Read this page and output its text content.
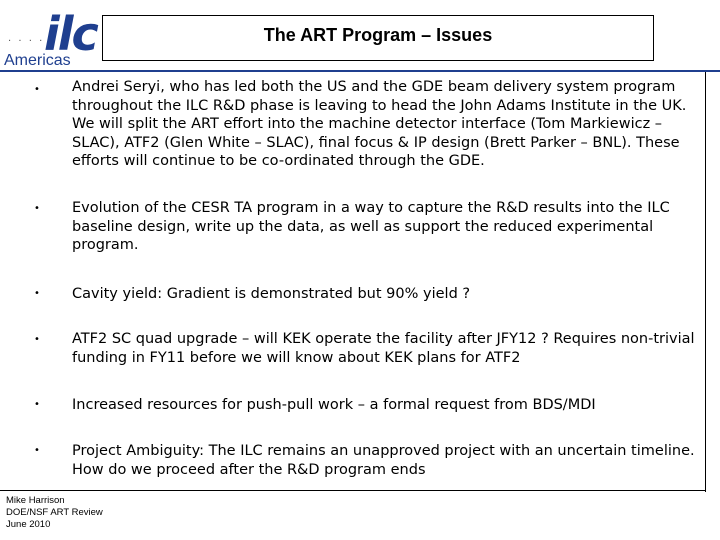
· · · · ilc
Americas
The ART Program – Issues
• Andrei Seryi, who has led both the US and the GDE beam delivery system program throughout the ILC R&D phase is leaving to head the John Adams Institute in the UK. We will split the ART effort into the machine detector interface (Tom Markiewicz – SLAC), ATF2 (Glen White – SLAC), final focus & IP design (Brett Parker – BNL). These efforts will continue to be co-ordinated through the GDE.
• Evolution of the CESR TA program in a way to capture the R&D results into the ILC baseline design, write up the data, as well as support the reduced experimental program.
• Cavity yield: Gradient is demonstrated but 90% yield ?
• ATF2 SC quad upgrade – will KEK operate the facility after JFY12 ? Requires non-trivial funding in FY11 before we will know about KEK plans for ATF2
• Increased resources for push-pull work – a formal request from BDS/MDI
• Project Ambiguity: The ILC remains an unapproved project with an uncertain timeline. How do we proceed after the R&D program ends
Mike Harrison
DOE/NSF ART Review
June 2010
